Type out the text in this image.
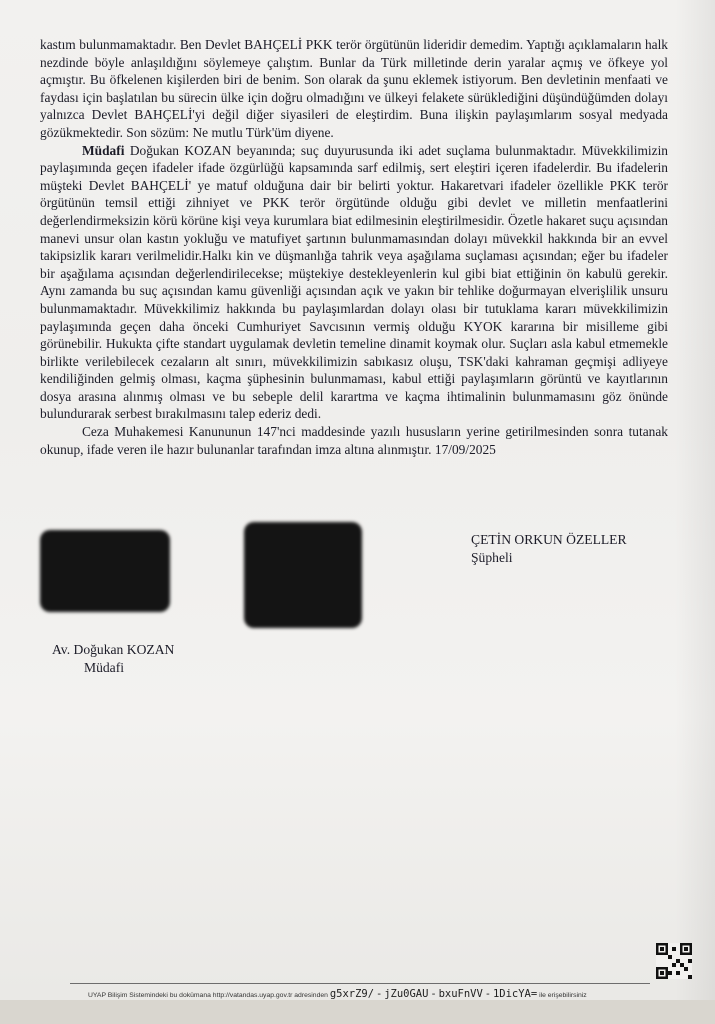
kastım bulunmamaktadır. Ben Devlet BAHÇELİ PKK terör örgütünün lideridir demedim. Yaptığı açıklamaların halk nezdinde böyle anlaşıldığını söylemeye çalıştım. Bunlar da Türk milletinde derin yaralar açmış ve öfkeye yol açmıştır. Bu öfkelenen kişilerden biri de benim. Son olarak da şunu eklemek istiyorum. Ben devletinin menfaati ve faydası için başlatılan bu sürecin ülke için doğru olmadığını ve ülkeyi felakete sürüklediğini düşündüğümden dolayı yalnızca Devlet BAHÇELİ'yi değil diğer siyasileri de eleştirdim. Buna ilişkin paylaşımlarım sosyal medyada gözükmektedir. Son sözüm: Ne mutlu Türk'üm diyene.

Müdafi Doğukan KOZAN beyanında; suç duyurusunda iki adet suçlama bulunmaktadır. Müvekkilimizin paylaşımında geçen ifadeler ifade özgürlüğü kapsamında sarf edilmiş, sert eleştiri içeren ifadelerdir. Bu ifadelerin müşteki Devlet BAHÇELİ' ye matuf olduğuna dair bir belirti yoktur. Hakaretvari ifadeler özellikle PKK terör örgütünün temsil ettiği zihniyet ve PKK terör örgütünde olduğu gibi devlet ve milletin menfaatlerini değerlendirmeksizin körü körüne kişi veya kurumlara biat edilmesinin eleştirilmesidir. Özetle hakaret suçu açısından manevi unsur olan kastın yokluğu ve matufiyet şartının bulunmamasından dolayı müvekkil hakkında bir an evvel takipsizlik kararı verilmelidir.Halkı kin ve düşmanlığa tahrik veya aşağılama suçlaması açısından; eğer bu ifadeler bir aşağılama açısından değerlendirilecekse; müştekiye destekleyenlerin kul gibi biat ettiğinin ön kabulü gerekir. Aynı zamanda bu suç açısından kamu güvenliği açısından açık ve yakın bir tehlike doğurmayan elverişlilik unsuru bulunmamaktadır. Müvekkilimiz hakkında bu paylaşımlardan dolayı olası bir tutuklama kararı müvekkilimizin paylaşımında geçen daha önceki Cumhuriyet Savcısının vermiş olduğu KYOK kararına bir misilleme gibi görünebilir. Hukukta çifte standart uygulamak devletin temeline dinamit koymak olur. Suçları asla kabul etmemekle birlikte verilebilecek cezaların alt sınırı, müvekkilimizin sabıkasız oluşu, TSK'daki kahraman geçmişi adliyeye kendiliğinden gelmiş olması, kaçma şüphesinin bulunmaması, kabul ettiği paylaşımların görüntü ve kayıtlarının dosya arasına alınmış olması ve bu sebeple delil karartma ve kaçma ihtimalinin bulunmamasını göz önünde bulundurarak serbest bırakılmasını talep ederiz dedi.

Ceza Muhakemesi Kanununun 147'nci maddesinde yazılı hususların yerine getirilmesinden sonra tutanak okunup, ifade veren ile hazır bulunanlar tarafından imza altına alınmıştır. 17/09/2025

ÇETİN ORKUN ÖZELLER
Şüpheli
Av. Doğukan KOZAN
Müdafi
UYAP Bilişim Sistemindeki bu dokümana http://vatandas.uyap.gov.tr adresinden g5xrZ9/ - jZu0GAU - bxuFnVV - 1DicYA= ile erişebilirsiniz
